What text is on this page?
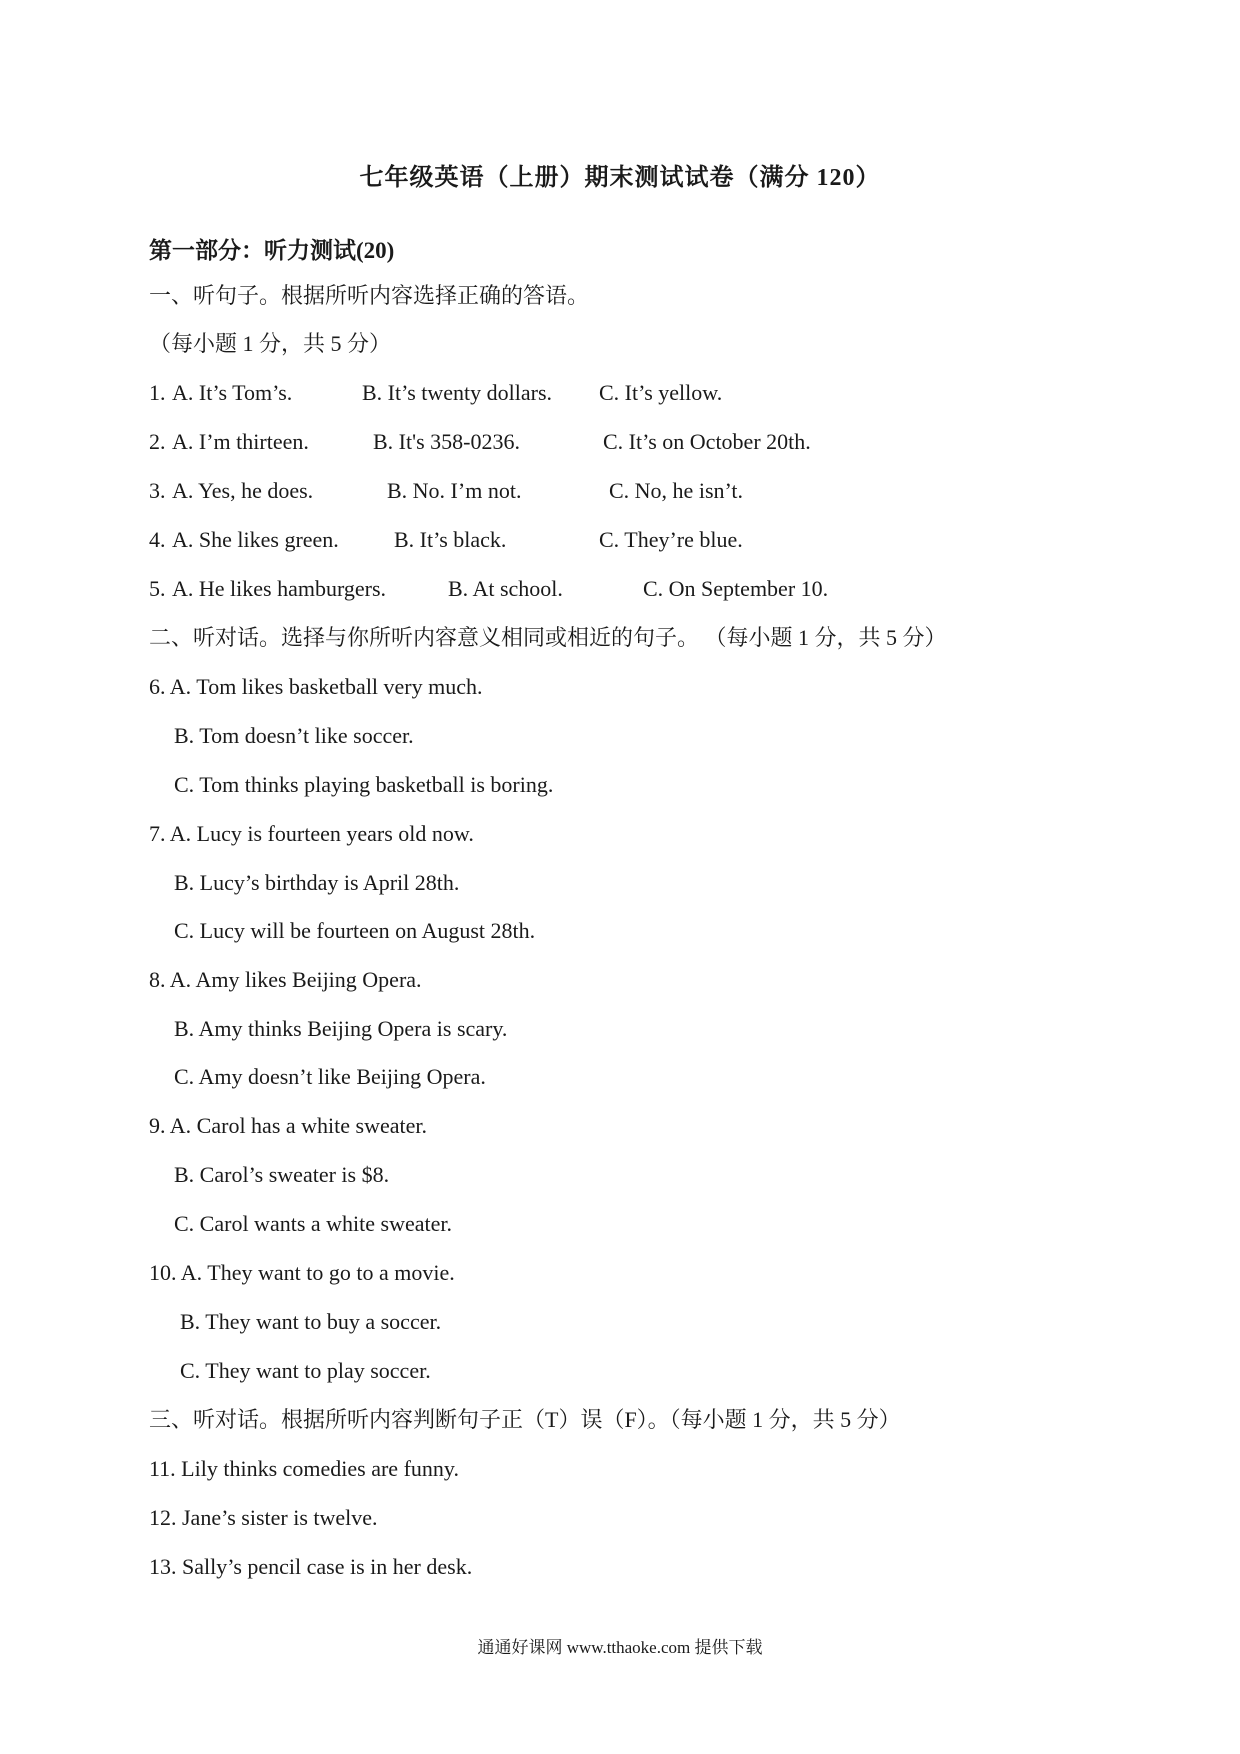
七年级英语（上册）期末测试试卷（满分 120）
第一部分：听力测试(20)
一、听句子。根据所听内容选择正确的答语。
（每小题 1 分，共 5 分）
1. A. It’s Tom’s.	B. It’s twenty dollars. C. It’s yellow.
2. A. I’m thirteen.	B. It's 358-0236.	C. It’s on October 20th.
3. A. Yes, he does.	B. No. I’m not.	C. No, he isn’t.
4. A. She likes green.	B. It’s black.	C. They’re blue.
5. A. He likes hamburgers.	B. At school.	C. On September 10.
二、听对话。选择与你所听内容意义相同或相近的句子。 （每小题 1 分，共 5 分）
6. A. Tom likes basketball very much.
B. Tom doesn’t like soccer.
C. Tom thinks playing basketball is boring.
7. A. Lucy is fourteen years old now.
B. Lucy’s birthday is April 28th.
C. Lucy will be fourteen on August 28th.
8. A. Amy likes Beijing Opera.
B. Amy thinks Beijing Opera is scary.
C. Amy doesn’t like Beijing Opera.
9. A. Carol has a white sweater.
B. Carol’s sweater is $8.
C. Carol wants a white sweater.
10. A. They want to go to a movie.
B. They want to buy a soccer.
C. They want to play soccer.
三、听对话。根据所听内容判断句子正（T）误（F）。（每小题 1 分，共 5 分）
11. Lily thinks comedies are funny.
12. Jane’s sister is twelve.
13. Sally’s pencil case is in her desk.
通通好课网 www.tthaoke.com 提供下载
